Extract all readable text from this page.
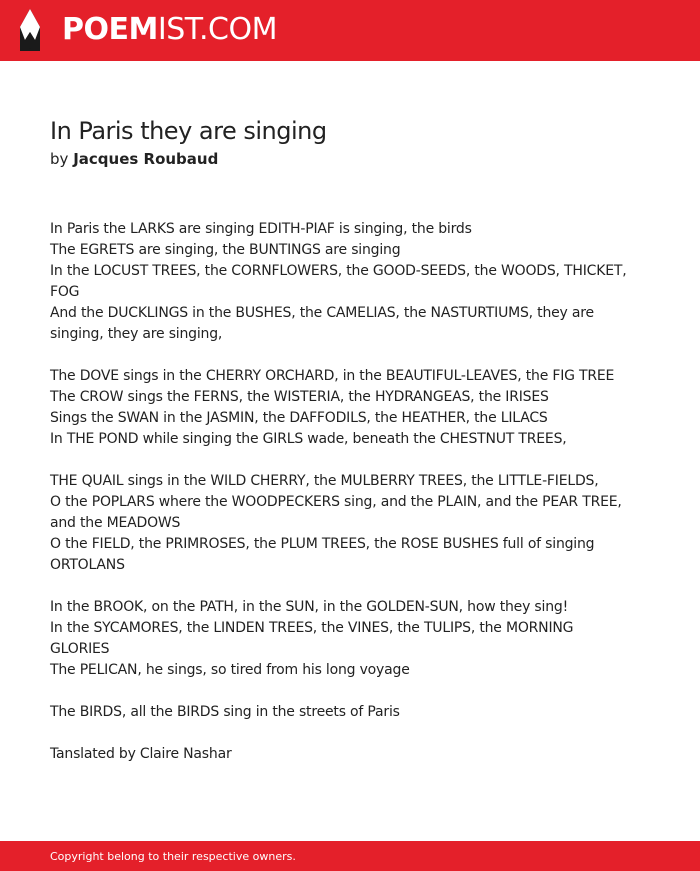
POEMIST.COM
In Paris they are singing
by Jacques Roubaud
In Paris the LARKS are singing EDITH-PIAF is singing, the birds
The EGRETS are singing, the BUNTINGS are singing
In the LOCUST TREES, the CORNFLOWERS, the GOOD-SEEDS, the WOODS, THICKET,
FOG
And the DUCKLINGS in the BUSHES, the CAMELIAS, the NASTURTIUMS, they are
singing, they are singing,
The DOVE sings in the CHERRY ORCHARD, in the BEAUTIFUL-LEAVES, the FIG TREE
The CROW sings the FERNS, the WISTERIA, the HYDRANGEAS, the IRISES
Sings the SWAN in the JASMIN, the DAFFODILS, the HEATHER, the LILACS
In THE POND while singing the GIRLS wade, beneath the CHESTNUT TREES,
THE QUAIL sings in the WILD CHERRY, the MULBERRY TREES, the LITTLE-FIELDS,
O the POPLARS where the WOODPECKERS sing, and the PLAIN, and the PEAR TREE,
and the MEADOWS
O the FIELD, the PRIMROSES, the PLUM TREES, the ROSE BUSHES full of singing
ORTOLANS
In the BROOK, on the PATH, in the SUN, in the GOLDEN-SUN, how they sing!
In the SYCAMORES, the LINDEN TREES, the VINES, the TULIPS, the MORNING
GLORIES
The PELICAN, he sings, so tired from his long voyage
The BIRDS, all the BIRDS sing in the streets of Paris
Tanslated by Claire Nashar
Copyright belong to their respective owners.
